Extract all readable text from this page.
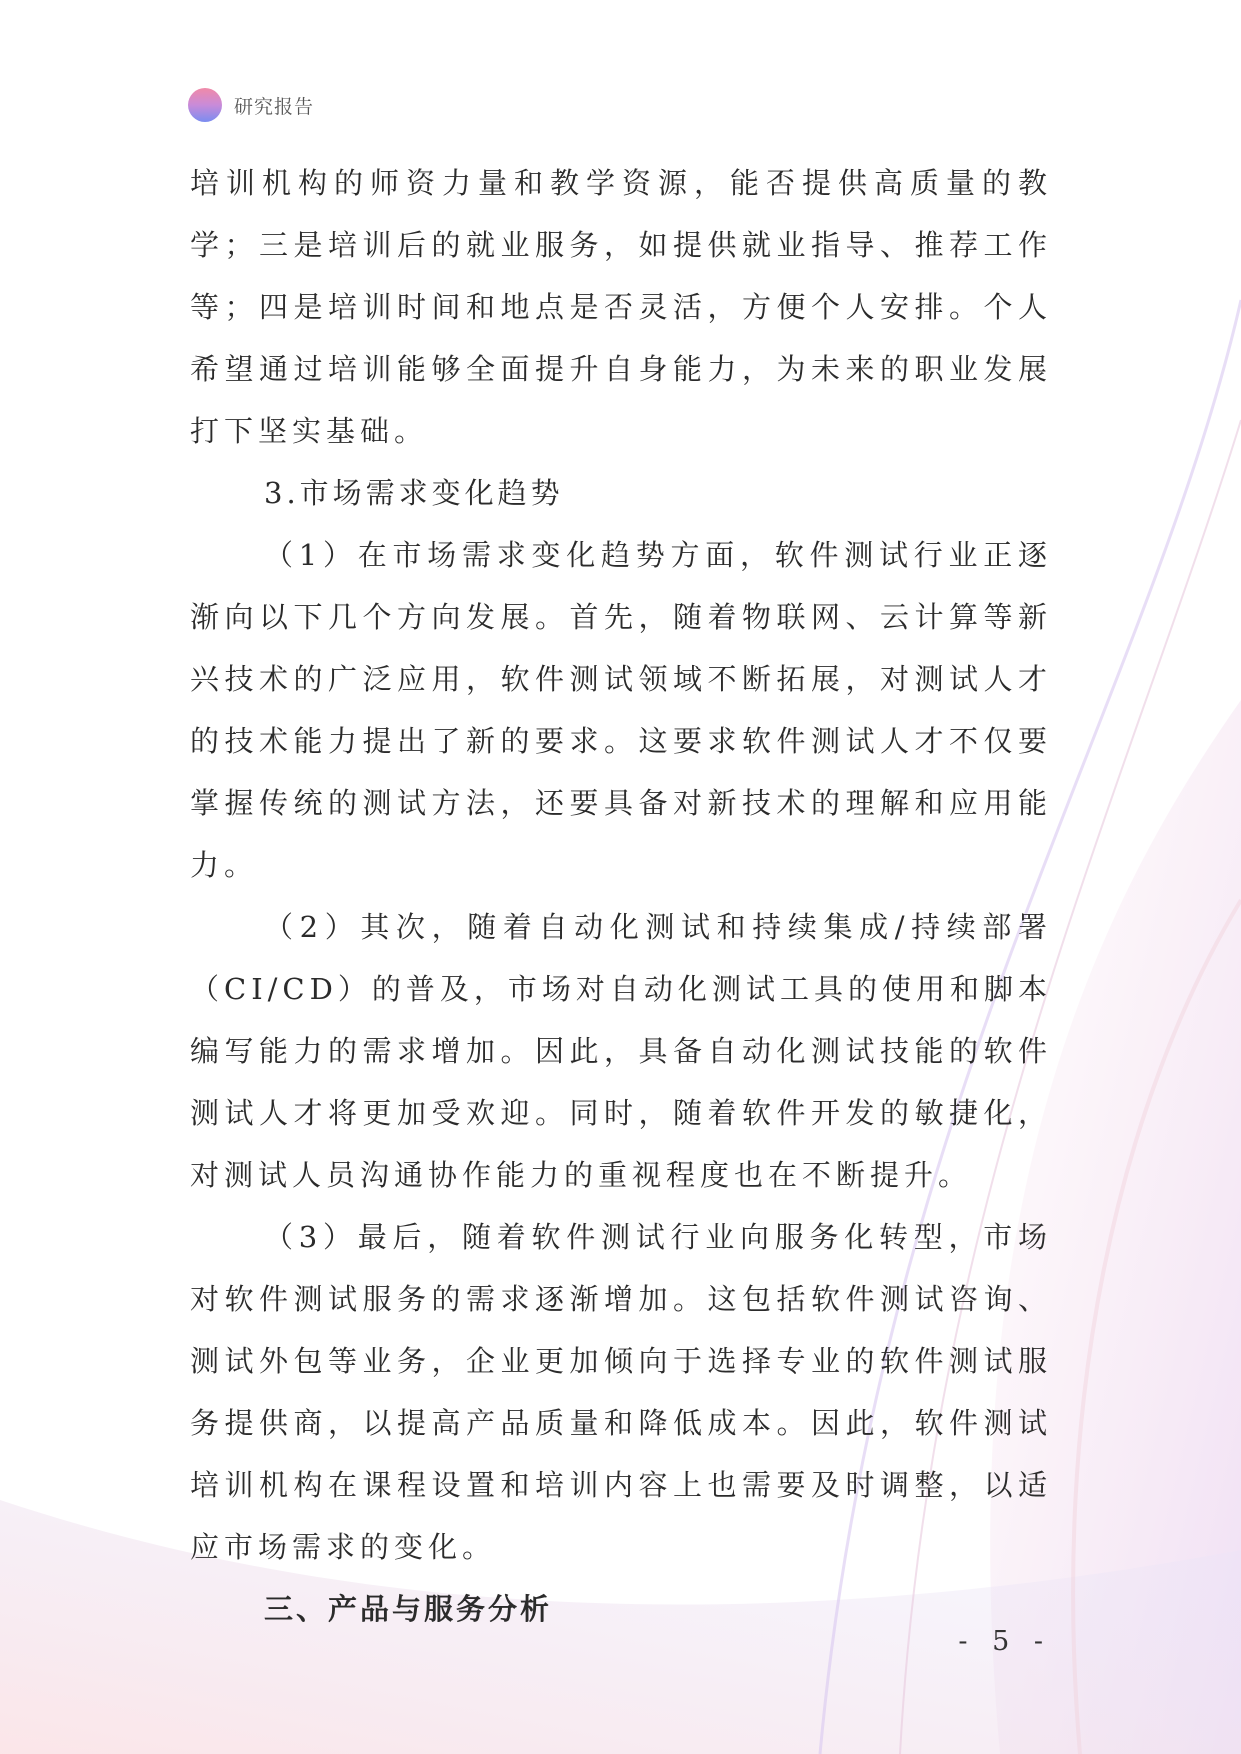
研究报告

培训机构的师资力量和教学资源，能否提供高质量的教学；三是培训后的就业服务，如提供就业指导、推荐工作等；四是培训时间和地点是否灵活，方便个人安排。个人希望通过培训能够全面提升自身能力，为未来的职业发展打下坚实基础。

3.市场需求变化趋势

（1）在市场需求变化趋势方面，软件测试行业正逐渐向以下几个方向发展。首先，随着物联网、云计算等新兴技术的广泛应用，软件测试领域不断拓展，对测试人才的技术能力提出了新的要求。这要求软件测试人才不仅要掌握传统的测试方法，还要具备对新技术的理解和应用能力。

（2）其次，随着自动化测试和持续集成/持续部署（CI/CD）的普及，市场对自动化测试工具的使用和脚本编写能力的需求增加。因此，具备自动化测试技能的软件测试人才将更加受欢迎。同时，随着软件开发的敏捷化，对测试人员沟通协作能力的重视程度也在不断提升。

（3）最后，随着软件测试行业向服务化转型，市场对软件测试服务的需求逐渐增加。这包括软件测试咨询、测试外包等业务，企业更加倾向于选择专业的软件测试服务提供商，以提高产品质量和降低成本。因此，软件测试培训机构在课程设置和培训内容上也需要及时调整，以适应市场需求的变化。

三、产品与服务分析

- 5 -
